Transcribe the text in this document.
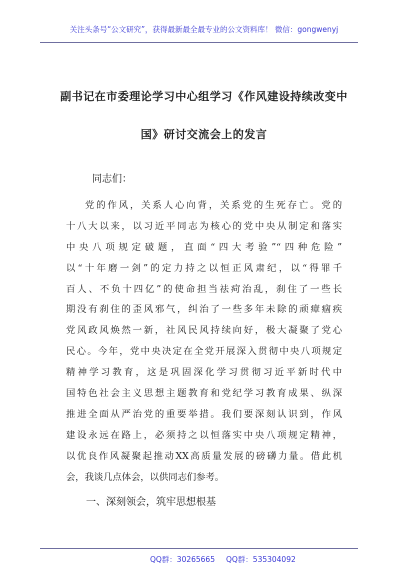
关注头条号“公文研究”，获得最新最全最专业的公文资料库！ 微信：gongwenyj
副书记在市委理论学习中心组学习《作风建设持续改变中
国》研讨交流会上的发言
同志们：
党的作风，关系人心向背，关系党的生死存亡。党的
十八大以来，以习近平同志为核心的党中央从制定和落实
中央八项规定破题，直面“四大考验”“四种危险”
以“十年磨一剑”的定力持之以恒正风肃纪，以“得罪千
百人、不负十四亿”的使命担当祛疴治乱，刹住了一些长
期没有刹住的歪风邪气，纠治了一些多年未除的顽瘴痼疾
党风政风焕然一新，社风民风持续向好，极大凝聚了党心
民心。今年，党中央决定在全党开展深入贯彻中央八项规定
精神学习教育，这是巩固深化学习贯彻习近平新时代中
国特色社会主义思想主题教育和党纪学习教育成果、纵深
推进全面从严治党的重要举措。我们要深刻认识到，作风
建设永远在路上，必须持之以恒落实中央八项规定精神，
以优良作风凝聚起推动XX高质量发展的磅礴力量。借此机
会，我谈几点体会，以供同志们参考。
一、深刻领会，筑牢思想根基
QQ群：30265665 QQ群：535304092
